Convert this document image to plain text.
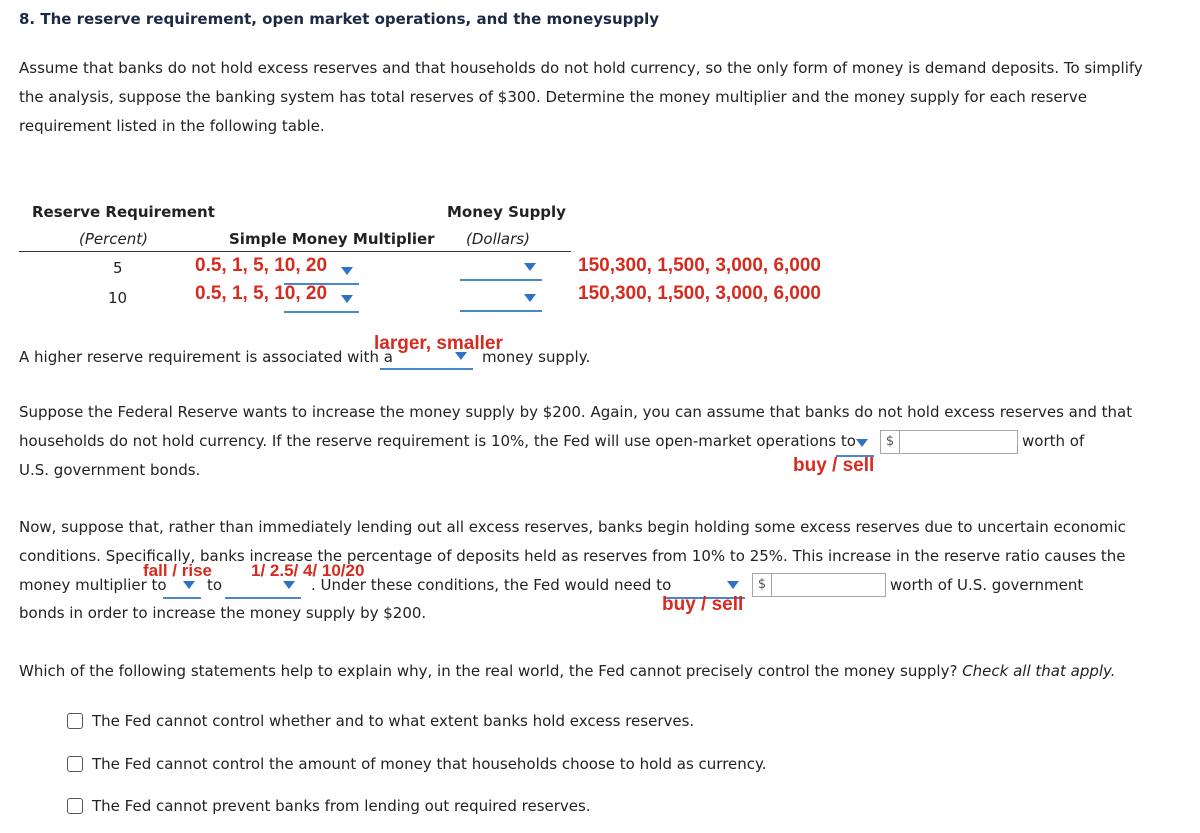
8. The reserve requirement, open market operations, and the moneysupply
Assume that banks do not hold excess reserves and that households do not hold currency, so the only form of money is demand deposits. To simplify
the analysis, suppose the banking system has total reserves of $300. Determine the money multiplier and the money supply for each reserve
requirement listed in the following table.
Reserve Requirement
(Percent)	Simple Money Multiplier
Money Supply
(Dollars)
5	0.5, 1, 5, 10, 20	150,300, 1,500, 3,000, 6,000
10	0.5, 1, 5, 10, 20	150,300, 1,500, 3,000, 6,000
larger, smaller
A higher reserve requirement is associated with a	money supply.
Suppose the Federal Reserve wants to increase the money supply by $200. Again, you can assume that banks do not hold excess reserves and that
households do not hold currency. If the reserve requirement is 10%, the Fed will use open-market operations to	$	worth of
U.S. government bonds.	buy / sell
Now, suppose that, rather than immediately lending out all excess reserves, banks begin holding some excess reserves due to uncertain economic
conditions. Specifically, banks increase the percentage of deposits held as reserves from 10% to 25%. This increase in the reserve ratio causes the
fall / rise 1/ 2.5/ 4/ 10/20
money multiplier to	to	. Under these conditions, the Fed would need to	$	worth of U.S. government
buy / sell
bonds in order to increase the money supply by $200.
Which of the following statements help to explain why, in the real world, the Fed cannot precisely control the money supply? Check all that apply.
The Fed cannot control whether and to what extent banks hold excess reserves.
The Fed cannot control the amount of money that households choose to hold as currency.
The Fed cannot prevent banks from lending out required reserves.
